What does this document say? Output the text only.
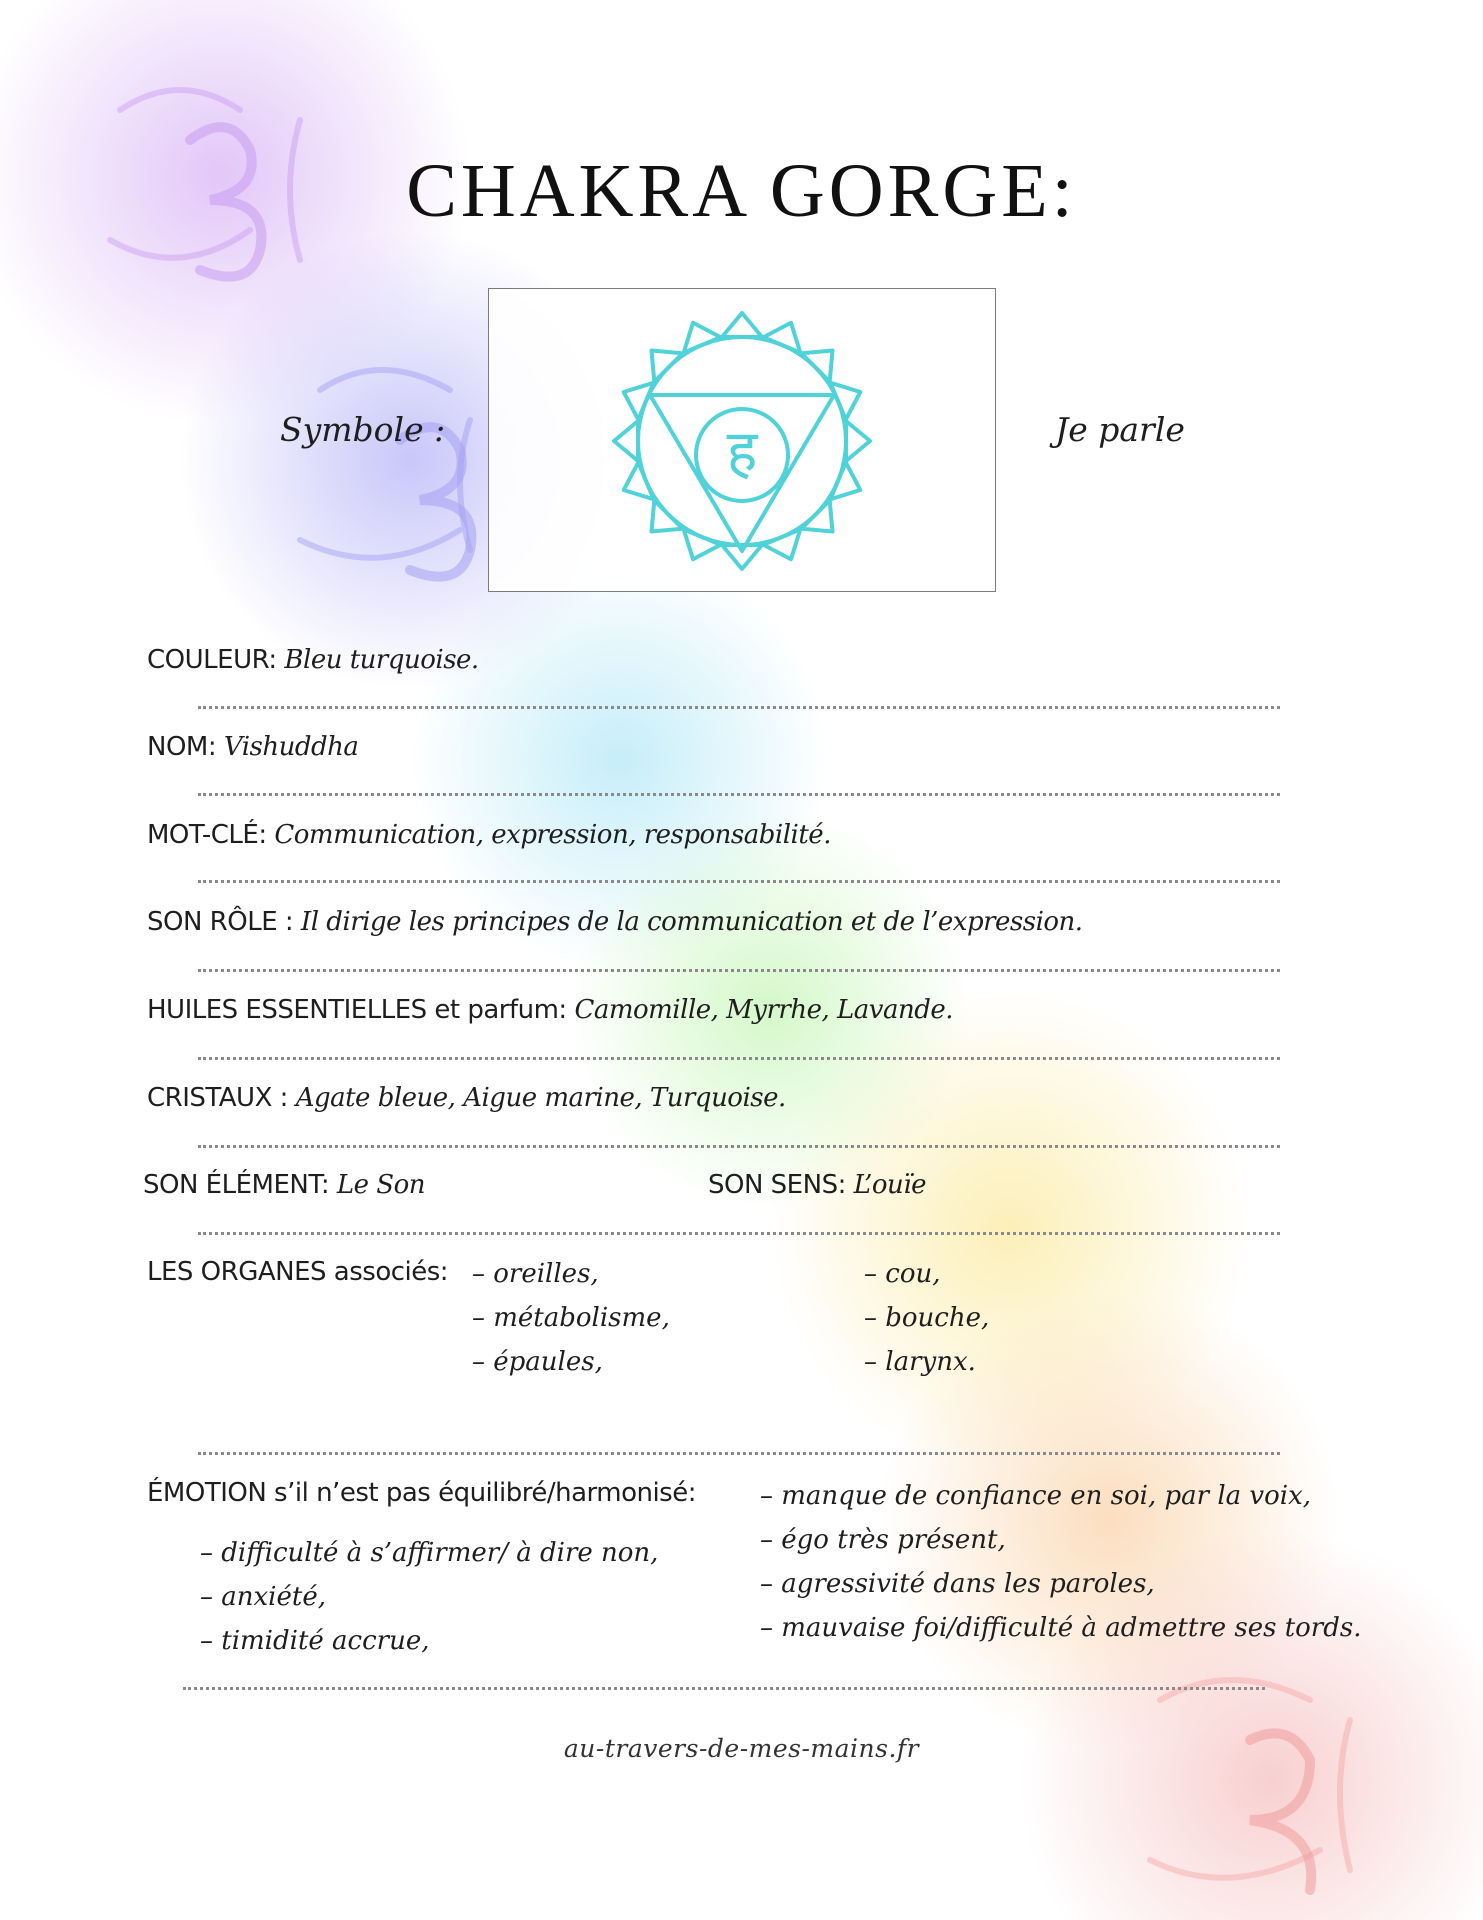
CHAKRA GORGE:
Symbole :	Je parle
ह
COULEUR: Bleu turquoise.
NOM: Vishuddha
MOT-CLÉ: Communication, expression, responsabilité.
SON RÔLE : Il dirige les principes de la communication et de l’expression.
HUILES ESSENTIELLES et parfum: Camomille, Myrrhe, Lavande.
CRISTAUX : Agate bleue, Aigue marine, Turquoise.
SON ÉLÉMENT: Le Son	SON SENS: L’ouïe
LES ORGANES associés: – oreilles,
– métabolisme,
– épaules,
– cou,
– bouche,
– larynx.
ÉMOTION s’il n’est pas équilibré/harmonisé:
– difficulté à s’affirmer/ à dire non,
– anxiété,
– timidité accrue,
– manque de confiance en soi, par la voix,
– égo très présent,
– agressivité dans les paroles,
– mauvaise foi/difficulté à admettre ses tords.
au-travers-de-mes-mains.fr
